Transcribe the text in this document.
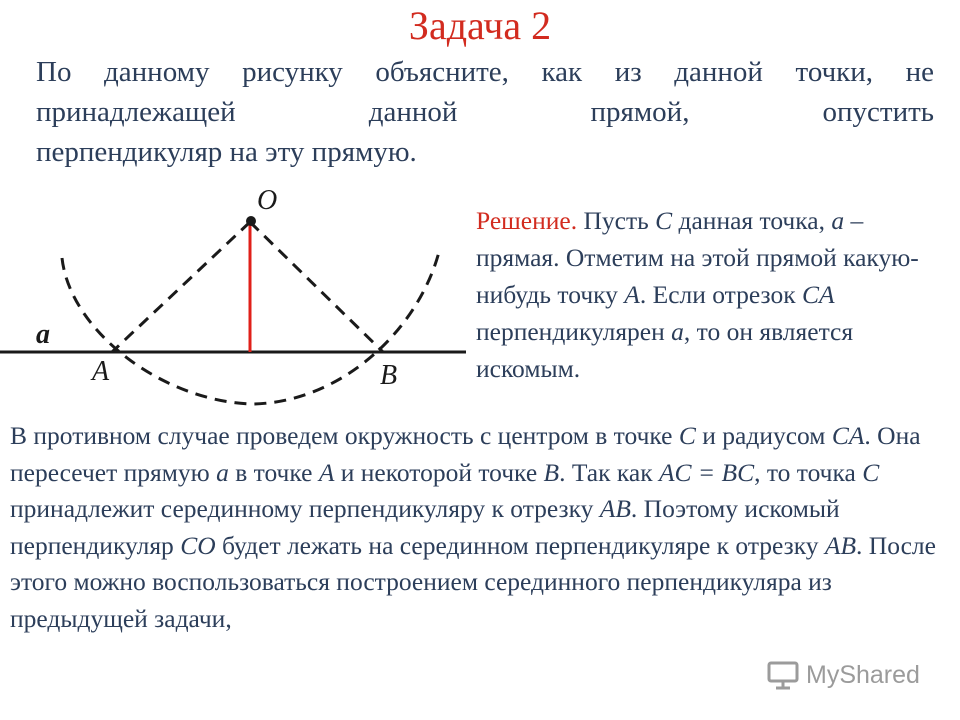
Задача 2
По данному рисунку объясните, как из данной точки, не
принадлежащей данной прямой, опустить
перпендикуляр на эту прямую.
O
a
A	B
Решение. Пусть C данная точка, a – прямая. Отметим на этой прямой какую-нибудь точку A. Если отрезок CA перпендикулярен a, то он является искомым.
В противном случае проведем окружность с центром в точке C и радиусом CA. Она пересечет прямую a в точке A и некоторой точке B. Так как AC = BC, то точка C принадлежит серединному перпендикуляру к отрезку AB. Поэтому искомый перпендикуляр CO будет лежать на серединном перпендикуляре к отрезку AB. После этого можно воспользоваться построением серединного перпендикуляра из предыдущей задачи,
MyShared
